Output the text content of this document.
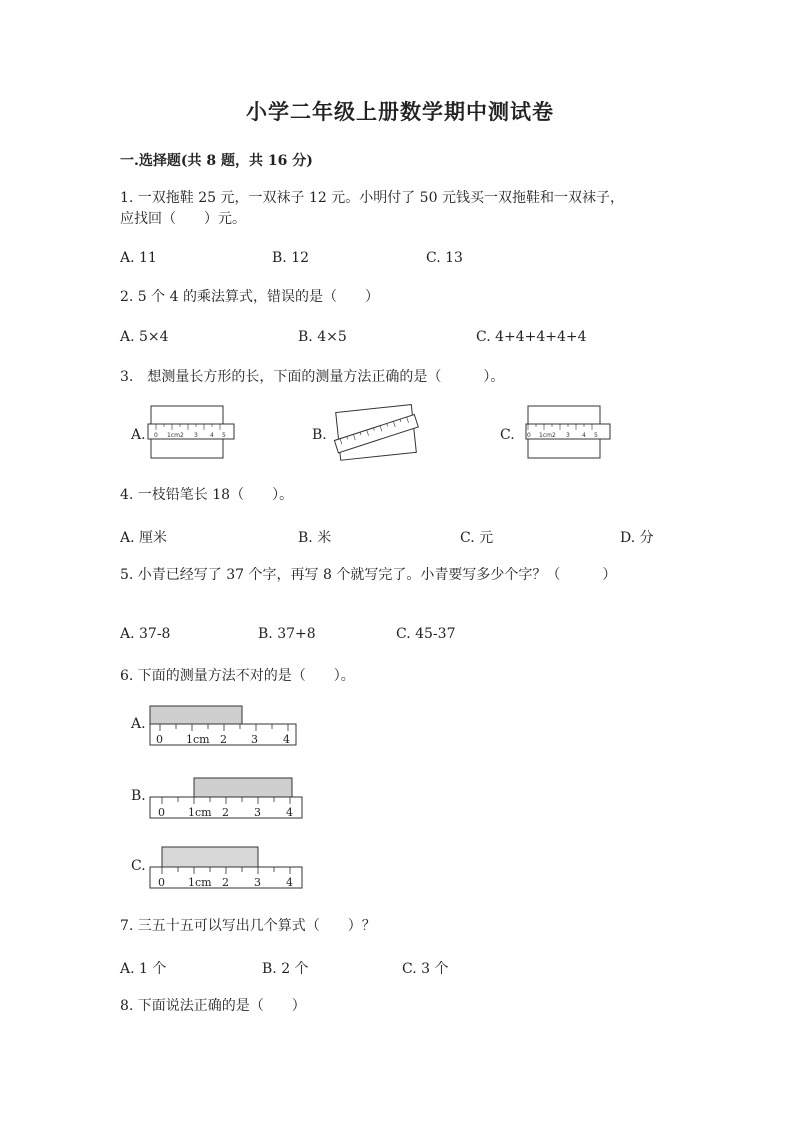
小学二年级上册数学期中测试卷
一.选择题(共 8 题，共 16 分)
1. 一双拖鞋 25 元，一双袜子 12 元。小明付了 50 元钱买一双拖鞋和一双袜子，
应找回（　　）元。
A. 11	B. 12	C. 13
2. 5 个 4 的乘法算式，错误的是（　　）
A. 5×4	B. 4×5	C. 4+4+4+4+4
3.　想测量长方形的长，下面的测量方法正确的是（　　　）。
A.	B.	C.
0 1cm2 3 4 5	0 1cm2 3 4 5
4. 一枝铅笔长 18（　　）。
A. 厘米	B. 米	C. 元	D. 分
5. 小青已经写了 37 个字，再写 8 个就写完了。小青要写多少个字？（　　　）
A. 37-8	B. 37+8	C. 45-37
6. 下面的测量方法不对的是（　　）。
A.
0 1cm 2 3 4
B.
0 1cm 2 3 4
C.
0 1cm 2 3 4
7. 三五十五可以写出几个算式（　　）？
A. 1 个	B. 2 个	C. 3 个
8. 下面说法正确的是（　　）
